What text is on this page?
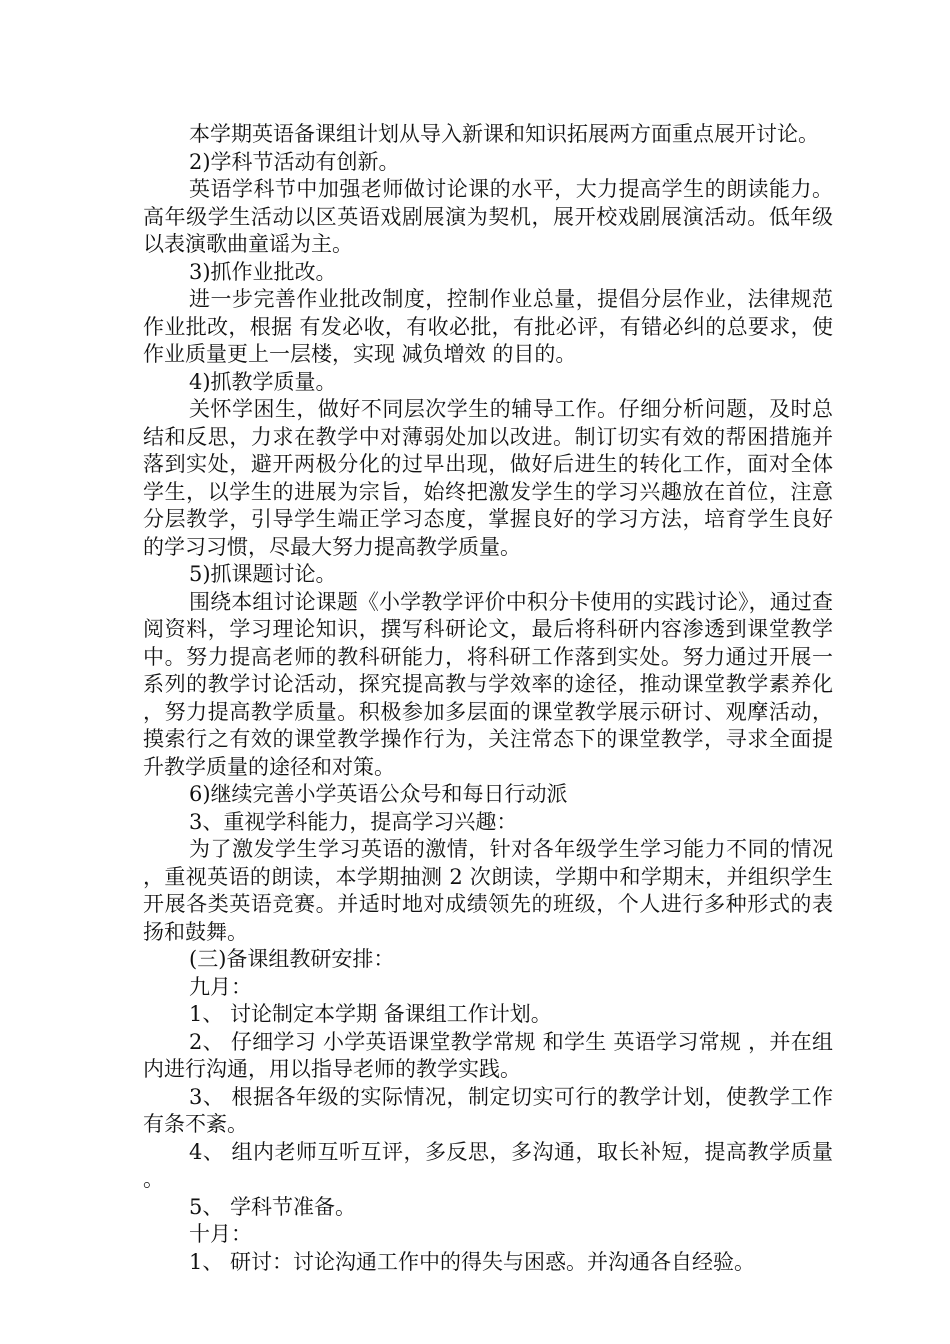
本学期英语备课组计划从导入新课和知识拓展两方面重点展开讨论。

2)学科节活动有创新。

英语学科节中加强老师做讨论课的水平，大力提高学生的朗读能力。高年级学生活动以区英语戏剧展演为契机，展开校戏剧展演活动。低年级以表演歌曲童谣为主。

3)抓作业批改。

进一步完善作业批改制度，控制作业总量，提倡分层作业，法律规范作业批改，根据 有发必收，有收必批，有批必评，有错必纠的总要求，使作业质量更上一层楼，实现 减负增效 的目的。

4)抓教学质量。

关怀学困生，做好不同层次学生的辅导工作。仔细分析问题，及时总结和反思，力求在教学中对薄弱处加以改进。制订切实有效的帮困措施并落到实处，避开两极分化的过早出现，做好后进生的转化工作，面对全体学生，以学生的进展为宗旨，始终把激发学生的学习兴趣放在首位，注意分层教学，引导学生端正学习态度，掌握良好的学习方法，培育学生良好的学习习惯，尽最大努力提高教学质量。

5)抓课题讨论。

围绕本组讨论课题《小学教学评价中积分卡使用的实践讨论》，通过查阅资料，学习理论知识，撰写科研论文，最后将科研内容渗透到课堂教学中。努力提高老师的教科研能力，将科研工作落到实处。努力通过开展一系列的教学讨论活动，探究提高教与学效率的途径，推动课堂教学素养化，努力提高教学质量。积极参加多层面的课堂教学展示研讨、观摩活动，摸索行之有效的课堂教学操作行为，关注常态下的课堂教学，寻求全面提升教学质量的途径和对策。

6)继续完善小学英语公众号和每日行动派

3、重视学科能力，提高学习兴趣：

为了激发学生学习英语的激情，针对各年级学生学习能力不同的情况，重视英语的朗读，本学期抽测 2 次朗读，学期中和学期末，并组织学生开展各类英语竞赛。并适时地对成绩领先的班级，个人进行多种形式的表扬和鼓舞。

(三)备课组教研安排：

九月：

1、 讨论制定本学期 备课组工作计划。

2、 仔细学习 小学英语课堂教学常规 和学生 英语学习常规 ，并在组内进行沟通，用以指导老师的教学实践。

3、 根据各年级的实际情况，制定切实可行的教学计划，使教学工作有条不紊。

4、 组内老师互听互评，多反思，多沟通，取长补短，提高教学质量。

5、 学科节准备。

十月：

1、 研讨：讨论沟通工作中的得失与困惑。并沟通各自经验。
